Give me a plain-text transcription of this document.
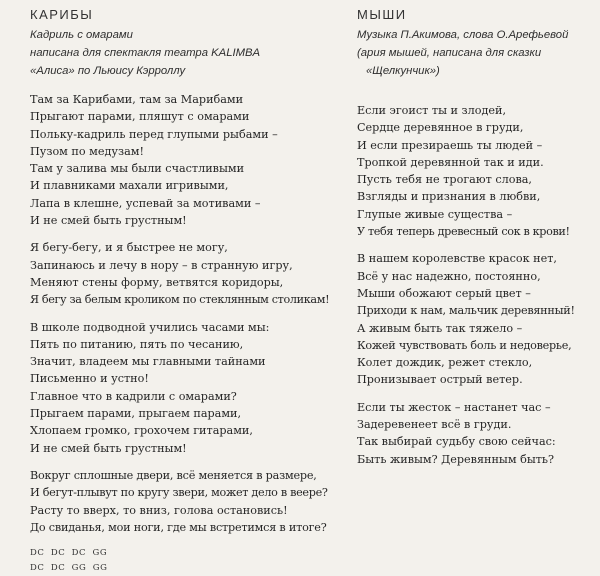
КАРИБЫ
Кадриль с омарами
написана для спектакля театра KALIMBA
«Алиса» по Льюису Кэрроллу
Там за Карибами, там за Марибами
Прыгают парами, пляшут с омарами
Польку-кадриль перед глупыми рыбами –
Пузом по медузам!
Там у залива мы были счастливыми
И плавниками махали игривыми,
Лапа в клешне, успевай за мотивами –
И не смей быть грустным!
Я бегу-бегу, и я быстрее не могу,
Запинаюсь и лечу в нору – в странную игру,
Меняют стены форму, ветвятся коридоры,
Я бегу за белым кроликом по стеклянным столикам!
В школе подводной учились часами мы:
Пять по питанию, пять по чесанию,
Значит, владеем мы главными тайнами
Письменно и устно!
Главное что в кадрили с омарами?
Прыгаем парами, прыгаем парами,
Хлопаем громко, грохочем гитарами,
И не смей быть грустным!
Вокруг сплошные двери, всё меняется в размере,
И бегут-плывут по кругу звери, может дело в веере?
Расту то вверх, то вниз, голова остановись!
До свиданья, мои ноги, где мы встретимся в итоге?
DC DC DC GG
DC DC GG GG
МЫШИ
Музыка П.Акимова, слова О.Арефьевой
(ария мышей, написана для сказки
«Щелкунчик»)
Если эгоист ты и злодей,
Сердце деревянное в груди,
И если презираешь ты людей –
Тропкой деревянной так и иди.
Пусть тебя не трогают слова,
Взгляды и признания в любви,
Глупые живые существа –
У тебя теперь древесный сок в крови!
В нашем королевстве красок нет,
Всё у нас надежно, постоянно,
Мыши обожают серый цвет –
Приходи к нам, мальчик деревянный!
А живым быть так тяжело –
Кожей чувствовать боль и недоверье,
Колет дождик, режет стекло,
Пронизывает острый ветер.
Если ты жесток – настанет час –
Задеревенеет всё в груди.
Так выбирай судьбу свою сейчас:
Быть живым? Деревянным быть?
